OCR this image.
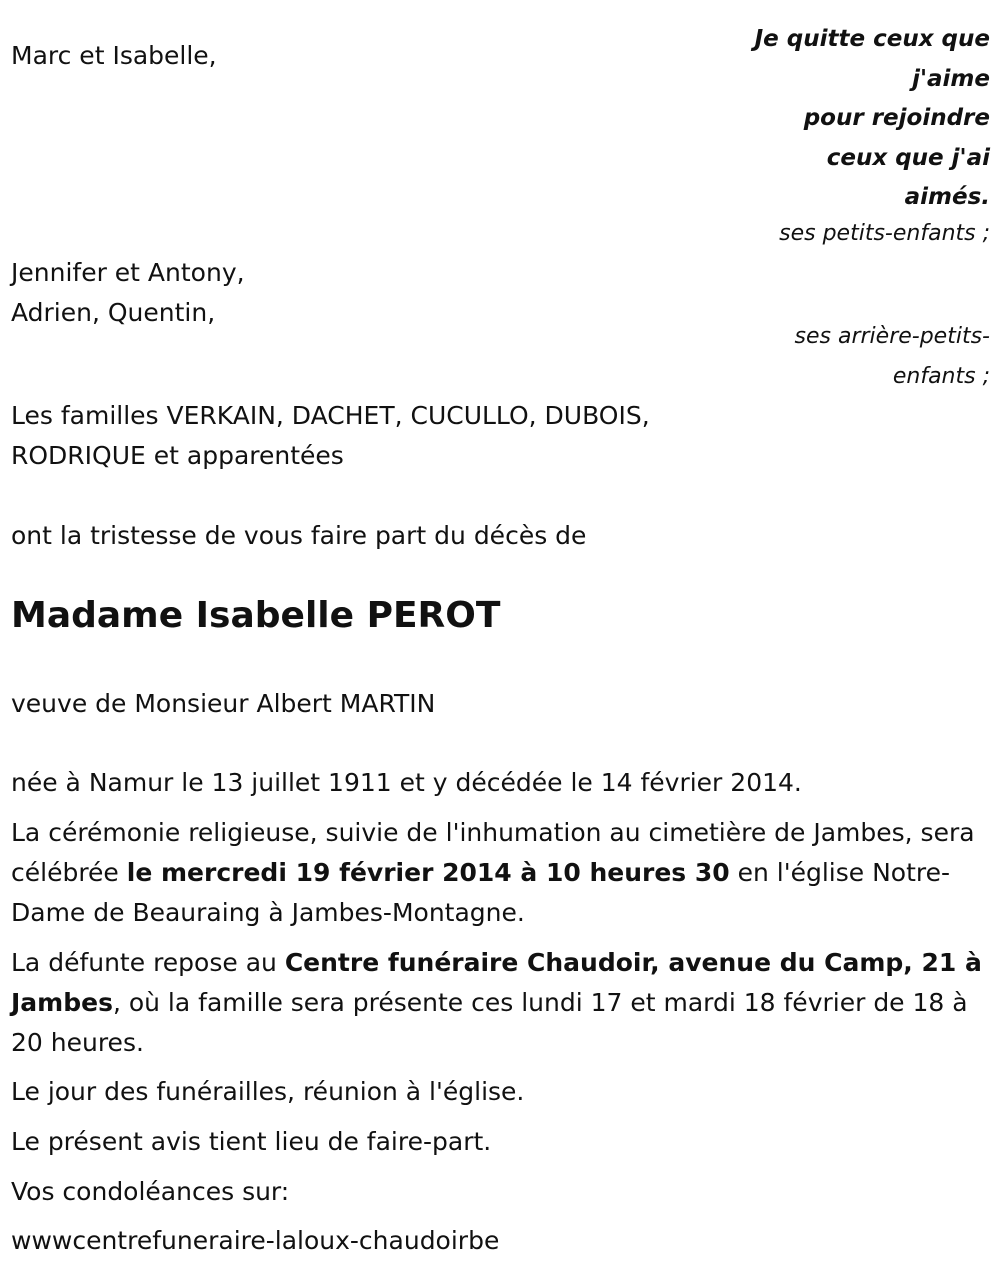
Marc et Isabelle,
Je quitte ceux que
j'aime
pour rejoindre
ceux que j'ai
aimés.
ses petits-enfants ;
Jennifer et Antony,
Adrien, Quentin,
ses arrière-petits-
enfants ;
Les familles VERKAIN, DACHET, CUCULLO, DUBOIS,
RODRIQUE et apparentées
ont la tristesse de vous faire part du décès de
Madame Isabelle PEROT
veuve de Monsieur Albert MARTIN
née à Namur le 13 juillet 1911 et y décédée le 14 février 2014.
La cérémonie religieuse, suivie de l'inhumation au cimetière de Jambes, sera célébrée le mercredi 19 février 2014 à 10 heures 30 en l'église Notre-Dame de Beauraing à Jambes-Montagne.
La défunte repose au Centre funéraire Chaudoir, avenue du Camp, 21 à Jambes, où la famille sera présente ces lundi 17 et mardi 18 février de 18 à 20 heures.
Le jour des funérailles, réunion à l'église.
Le présent avis tient lieu de faire-part.
Vos condoléances sur:
wwwcentrefuneraire-laloux-chaudoirbe
